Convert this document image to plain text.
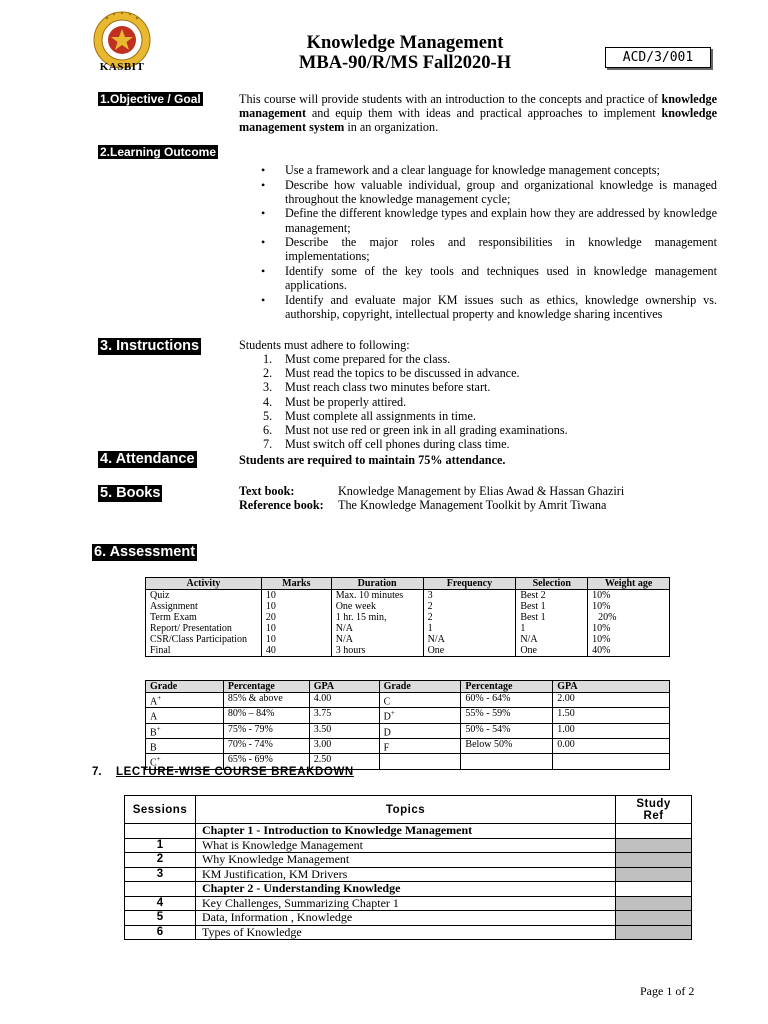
KASBIT
Knowledge Management
MBA-90/R/MS Fall2020-H	ACD/3/001
1.Objective / Goal	This course will provide students with an introduction to the concepts and practice of knowledge management and equip them with ideas and practical approaches to implement knowledge management system in an organization.
2.Learning Outcome
• Use a framework and a clear language for knowledge management concepts;
• Describe how valuable individual, group and organizational knowledge is managed throughout the knowledge management cycle;
• Define the different knowledge types and explain how they are addressed by knowledge management;
• Describe the major roles and responsibilities in knowledge management implementations;
• Identify some of the key tools and techniques used in knowledge management applications.
• Identify and evaluate major KM issues such as ethics, knowledge ownership vs. authorship, copyright, intellectual property and knowledge sharing incentives
3. Instructions	Students must adhere to following:
1. Must come prepared for the class.
2. Must read the topics to be discussed in advance.
3. Must reach class two minutes before start.
4. Must be properly attired.
5. Must complete all assignments in time.
6. Must not use red or green ink in all grading examinations.
7. Must switch off cell phones during class time.
4. Attendance	Students are required to maintain 75% attendance.
5. Books	Text book:	Knowledge Management by Elias Awad & Hassan Ghaziri
Reference book: The Knowledge Management Toolkit by Amrit Tiwana
6. Assessment
Activity	Marks	Duration	Frequency	Selection	Weight age
Quiz	10	Max. 10 minutes	3	Best 2	10%
Assignment	10	One week	2	Best 1	10%
Term Exam	20	1 hr. 15 min,	2	Best 1	20%
Report/ Presentation	10	N/A	1	1	10%
CSR/Class Participation	10	N/A	N/A	N/A	10%
Final	40	3 hours	One	One	40%
Grade	Percentage	GPA	Grade	Percentage	GPA
A+	85% & above	4.00	C	60% - 64%	2.00
A	80% – 84%	3.75	D+	55% - 59%	1.50
B+	75% - 79%	3.50	D	50% - 54%	1.00
B	70% - 74%	3.00	F	Below 50%	0.00
C+	65% - 69%	2.50			
7. LECTURE-WISE COURSE BREAKDOWN
Sessions	Topics	Study
Ref
	Chapter 1 - Introduction to Knowledge Management	
1	What is Knowledge Management	
2	Why Knowledge Management	
3	KM Justification, KM Drivers	
	Chapter 2 - Understanding Knowledge	
4	Key Challenges, Summarizing Chapter 1	
5	Data, Information , Knowledge	
6	Types of Knowledge	
Page 1 of 2
